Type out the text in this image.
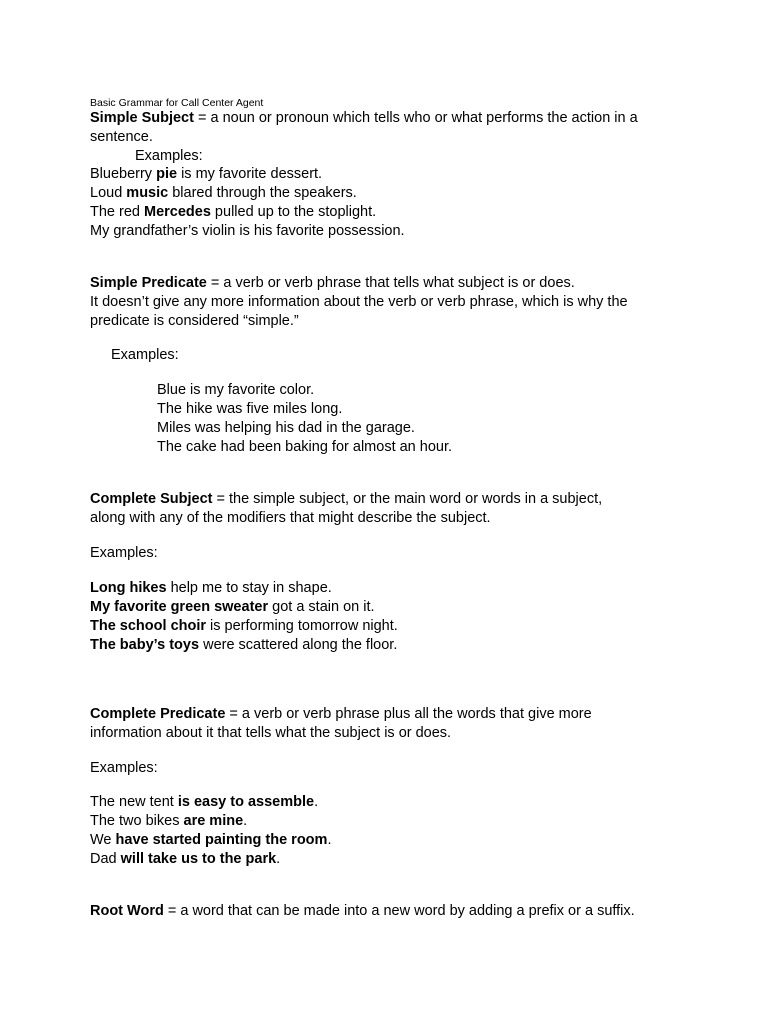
Basic Grammar for Call Center Agent

Simple Subject = a noun or pronoun which tells who or what performs the action in a

sentence.

Examples:

Blueberry pie is my favorite dessert.

Loud music blared through the speakers.

The red Mercedes pulled up to the stoplight.

My grandfather’s violin is his favorite possession.

Simple Predicate = a verb or verb phrase that tells what subject is or does.

It doesn’t give any more information about the verb or verb phrase, which is why the

predicate is considered “simple.”

Examples:

Blue is my favorite color.

The hike was five miles long.

Miles was helping his dad in the garage.

The cake had been baking for almost an hour.

Complete Subject = the simple subject, or the main word or words in a subject,

along with any of the modifiers that might describe the subject.

Examples:

Long hikes help me to stay in shape.

My favorite green sweater got a stain on it.

The school choir is performing tomorrow night.

The baby’s toys were scattered along the floor.

Complete Predicate = a verb or verb phrase plus all the words that give more

information about it that tells what the subject is or does.

Examples:

The new tent is easy to assemble.

The two bikes are mine.

We have started painting the room.

Dad will take us to the park.

Root Word = a word that can be made into a new word by adding a prefix or a suffix.
